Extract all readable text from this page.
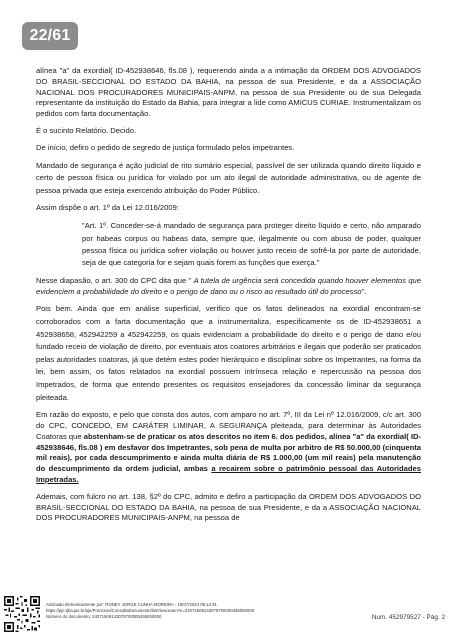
22/61

alínea "a" da exordial( ID-452938646, fls.08 ), requerendo ainda a a intimação da ORDEM DOS ADVOGADOS DO BRASIL-SECCIONAL DO ESTADO DA BAHIA, na pessoa de sua Presidente, e da a ASSOCIAÇÃO NACIONAL DOS PROCURADORES MUNICIPAIS-ANPM, na pessoa de sua Presidente ou de sua Delegada representante da instituição do Estado da Bahia, para integrar a lide como AMICUS CURIAE. Instrumentalizam os pedidos com farta documentação.

É o sucinto Relatório. Decido.

De início, defiro o pedido de segredo de justiça formulado pelos impetrantes.

Mandado de segurança é ação judicial de rito sumário especial, passível de ser utilizada quando direito líquido e certo de pessoa física ou jurídica for violado por um ato ilegal de autoridade administrativa, ou de agente de pessoa privada que esteja exercendo atribuição do Poder Público.

Assim dispõe o art. 1º da Lei 12.016/2009:

"Art. 1º. Conceder-se-á mandado de segurança para proteger direito líquido e certo, não amparado por habeas corpus ou habeas data, sempre que, ilegalmente ou com abuso de poder, qualquer pessoa física ou jurídica sofrer violação ou houver justo receio de sofrê-la por parte de autoridade, seja de que categoria for e sejam quais forem as funções que exerça."

Nesse diapasão, o art. 300 do CPC dita que " A tutela de urgência será concedida quando houver elementos que evidenciem a probabilidade do direito e o perigo de dano ou o risco ao resultado útil do processo".

Pois bem. Ainda que em análise superficial, verifico que os fatos delineados na exordial encontram-se corroborados com a farta documentação que a instrumentaliza, especificamente os de ID-452938651 a 452938658, 452942259 a 452942259, os quais evidenciam a probabilidade do direito e o perigo de dano e/ou fundado receio de violação de direito, por eventuais atos coatores arbitrários e ilegais que poderão ser praticados pelas autoridades coatoras, já que detém estes poder hierárquico e disciplinar sobre os Impetrantes, na forma da lei, bem assim, os fatos relatados na exordial possuem intrínseca relação e repercussão na pessoa dos Impetrados, de forma que entendo presentes os requisitos ensejadores da concessão liminar da segurança pleiteada.

Em razão do exposto, e pelo que consta dos autos, com amparo no art. 7º, III da Lei nº 12.016/2009, c/c art. 300 do CPC, CONCEDO, EM CARÁTER LIMINAR, A SEGURANÇA pleiteada, para determinar às Autoridades Coatoras que abstenham-se de praticar os atos descritos no item 6. dos pedidos, alínea "a" da exordial( ID-452938646, fls.08 ) em desfavor dos Impetrantes, sob pena de multa por arbitro de R$ 50.000,00 (cinquenta mil reais), por cada descumprimento e ainda multa diária de R$ 1.000,00 (um mil reais) pela manutenção do descumprimento da ordem judicial, ambas a recairem sobre o patrimônio pessoal das Autoridades Impetradas.

Ademais, com fulcro no art. 138, §2º do CPC, admito e defiro a participação da ORDEM DOS ADVOGADOS DO BRASIL-SECCIONAL DO ESTADO DA BAHIA, na pessoa de sua Presidente, e da a ASSOCIAÇÃO NACIONAL DOS PROCURADORES MUNICIPAIS-ANPM, na pessoa de

Assinado eletronicamente por: RONEY JORGE CUNHA MOREIRA - 19/07/2024 09:14:31
https://pje.tjba.jus.br/pje/Processo/ConsultaDocumento/listView.seam?x=24071509143079700000436000000
Número do documento: 24071509143079700000436000000	Num. 452979527 - Pág. 2
